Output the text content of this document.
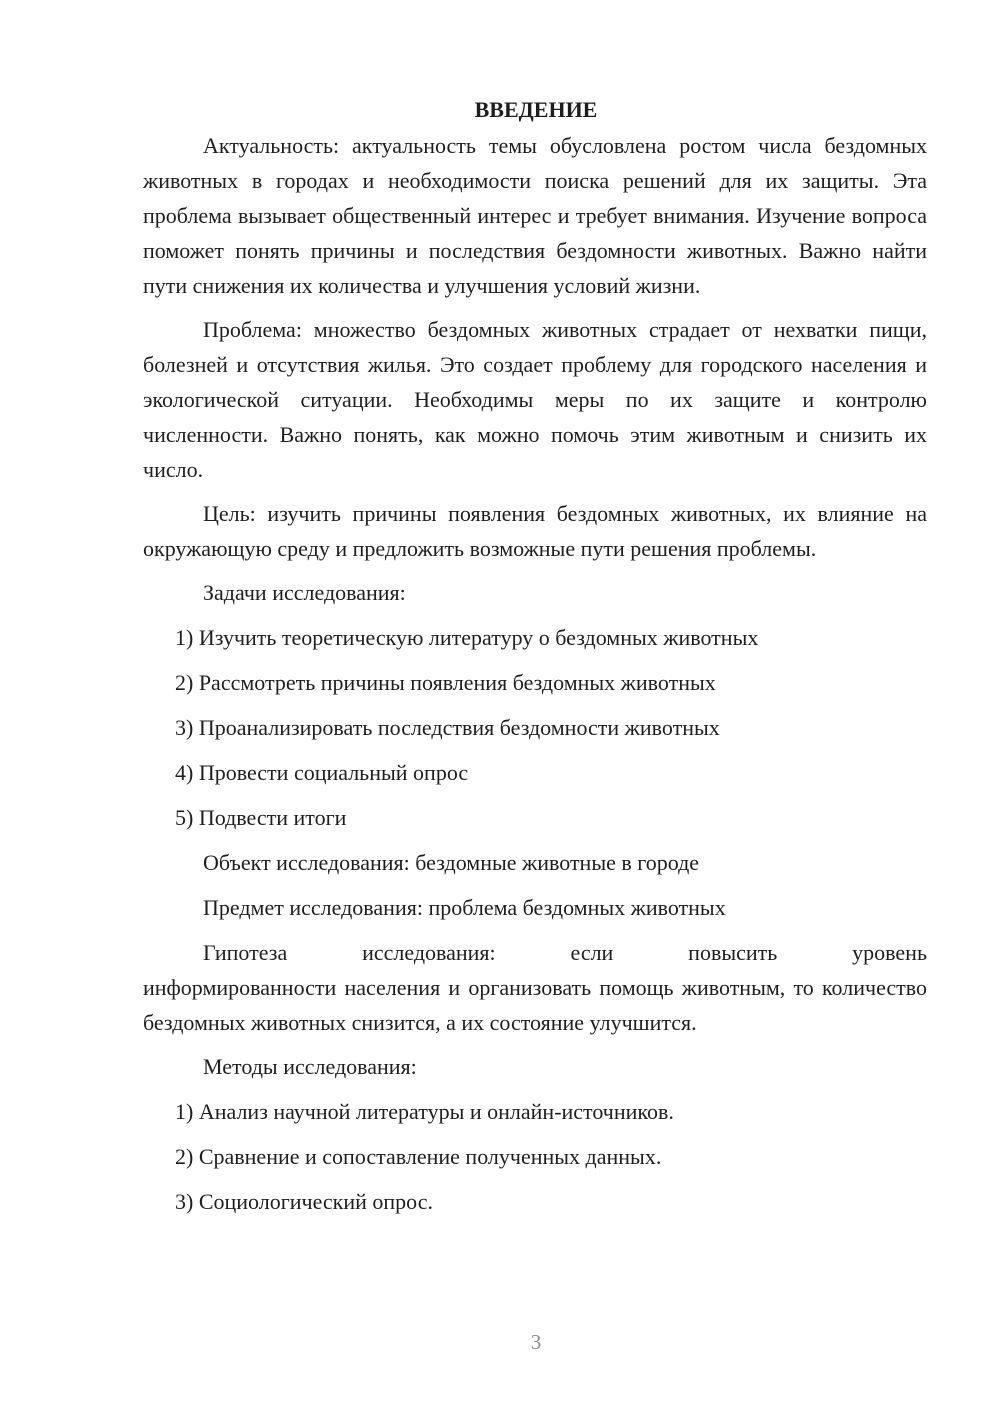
ВВЕДЕНИЕ

Актуальность: актуальность темы обусловлена ростом числа бездомных животных в городах и необходимости поиска решений для их защиты. Эта проблема вызывает общественный интерес и требует внимания. Изучение вопроса поможет понять причины и последствия бездомности животных. Важно найти пути снижения их количества и улучшения условий жизни.

Проблема: множество бездомных животных страдает от нехватки пищи, болезней и отсутствия жилья. Это создает проблему для городского населения и экологической ситуации. Необходимы меры по их защите и контролю численности. Важно понять, как можно помочь этим животным и снизить их число.

Цель: изучить причины появления бездомных животных, их влияние на окружающую среду и предложить возможные пути решения проблемы.

Задачи исследования:
1) Изучить теоретическую литературу о бездомных животных
2) Рассмотреть причины появления бездомных животных
3) Проанализировать последствия бездомности животных
4) Провести социальный опрос
5) Подвести итоги
Объект исследования: бездомные животные в городе
Предмет исследования: проблема бездомных животных
Гипотеза	исследования:	если	повысить	уровень

информированности населения и организовать помощь животным, то количество бездомных животных снизится, а их состояние улучшится.

Методы исследования:
1) Анализ научной литературы и онлайн-источников.
2) Сравнение и сопоставление полученных данных.
3) Социологический опрос.
3
